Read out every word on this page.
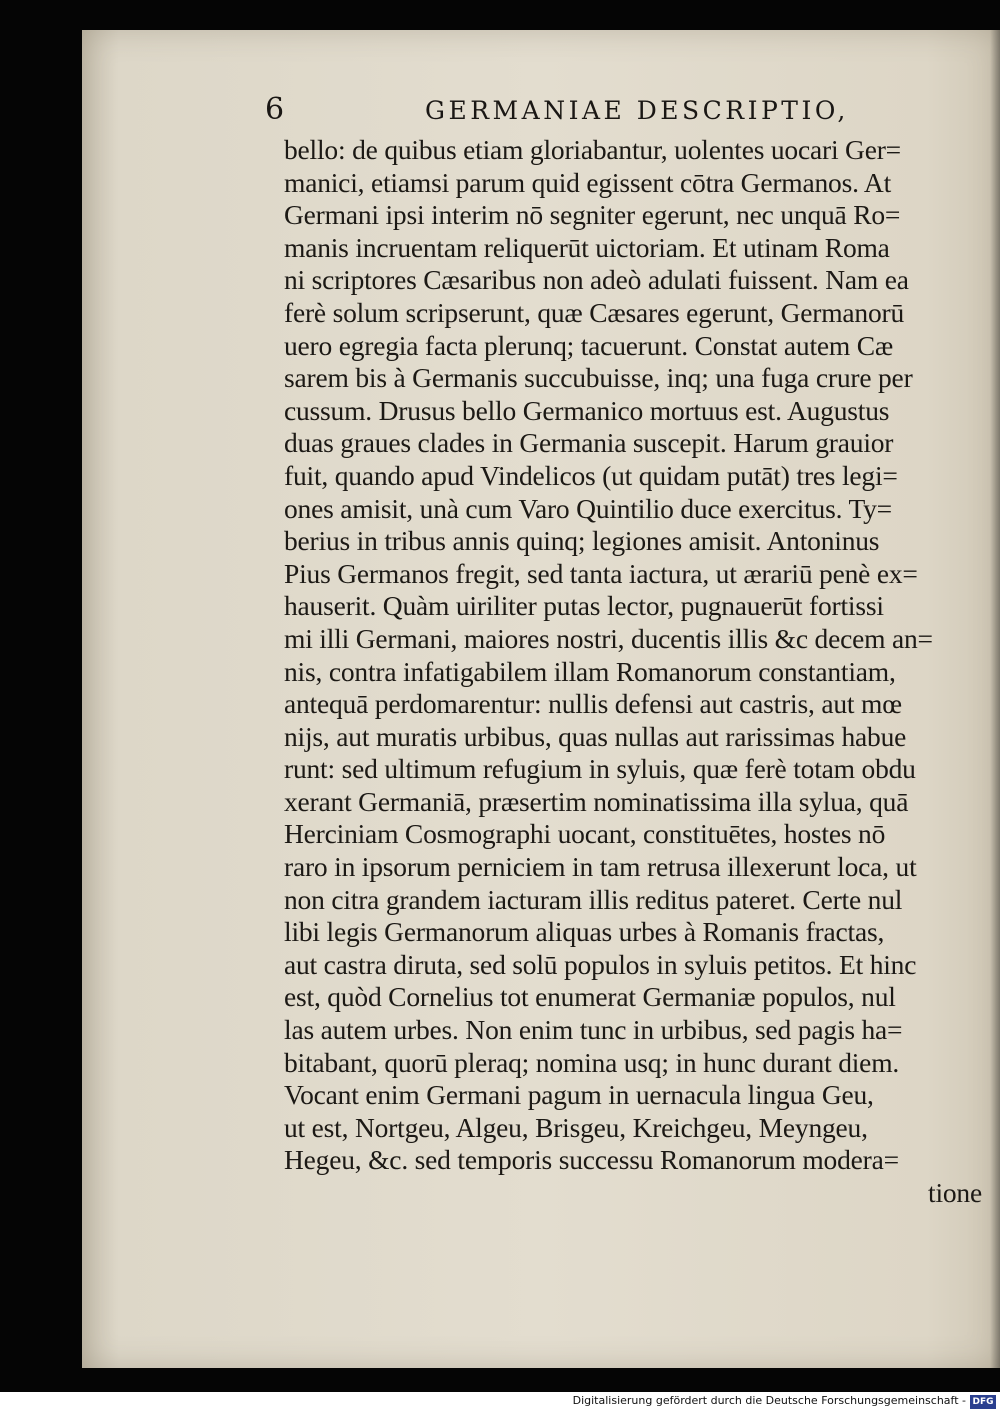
6	GERMANIAE DESCRIPTIO,
bello: de quibus etiam gloriabantur, uolentes uocari Ger=
manici, etiamsi parum quid egissent cōtra Germanos. At
Germani ipsi interim nō segniter egerunt, nec unquā Ro=
manis incruentam reliquerūt uictoriam. Et utinam Roma
ni scriptores Cæsaribus non adeò adulati fuissent. Nam ea
ferè solum scripserunt, quæ Cæsares egerunt, Germanorū
uero egregia facta plerunq; tacuerunt. Constat autem Cæ
sarem bis à Germanis succubuisse, inq; una fuga crure per
cussum. Drusus bello Germanico mortuus est. Augustus
duas graues clades in Germania suscepit. Harum grauior
fuit, quando apud Vindelicos (ut quidam putāt) tres legi=
ones amisit, unà cum Varo Quintilio duce exercitus. Ty=
berius in tribus annis quinq; legiones amisit. Antoninus
Pius Germanos fregit, sed tanta iactura, ut ærariū penè ex=
hauserit. Quàm uiriliter putas lector, pugnauerūt fortissi
mi illi Germani, maiores nostri, ducentis illis &c decem an=
nis, contra infatigabilem illam Romanorum constantiam,
antequā perdomarentur: nullis defensi aut castris, aut mœ
nijs, aut muratis urbibus, quas nullas aut rarissimas habue
runt: sed ultimum refugium in syluis, quæ ferè totam obdu
xerant Germaniā, præsertim nominatissima illa sylua, quā
Herciniam Cosmographi uocant, constituētes, hostes nō
raro in ipsorum perniciem in tam retrusa illexerunt loca, ut
non citra grandem iacturam illis reditus pateret. Certe nul
libi legis Germanorum aliquas urbes à Romanis fractas,
aut castra diruta, sed solū populos in syluis petitos. Et hinc
est, quòd Cornelius tot enumerat Germaniæ populos, nul
las autem urbes. Non enim tunc in urbibus, sed pagis ha=
bitabant, quorū pleraq; nomina usq; in hunc durant diem.
Vocant enim Germani pagum in uernacula lingua Geu,
ut est, Nortgeu, Algeu, Brisgeu, Kreichgeu, Meyngeu,
Hegeu, &c. sed temporis successu Romanorum modera=
tione
Digitalisierung gefördert durch die Deutsche Forschungsgemeinschaft - DFG
